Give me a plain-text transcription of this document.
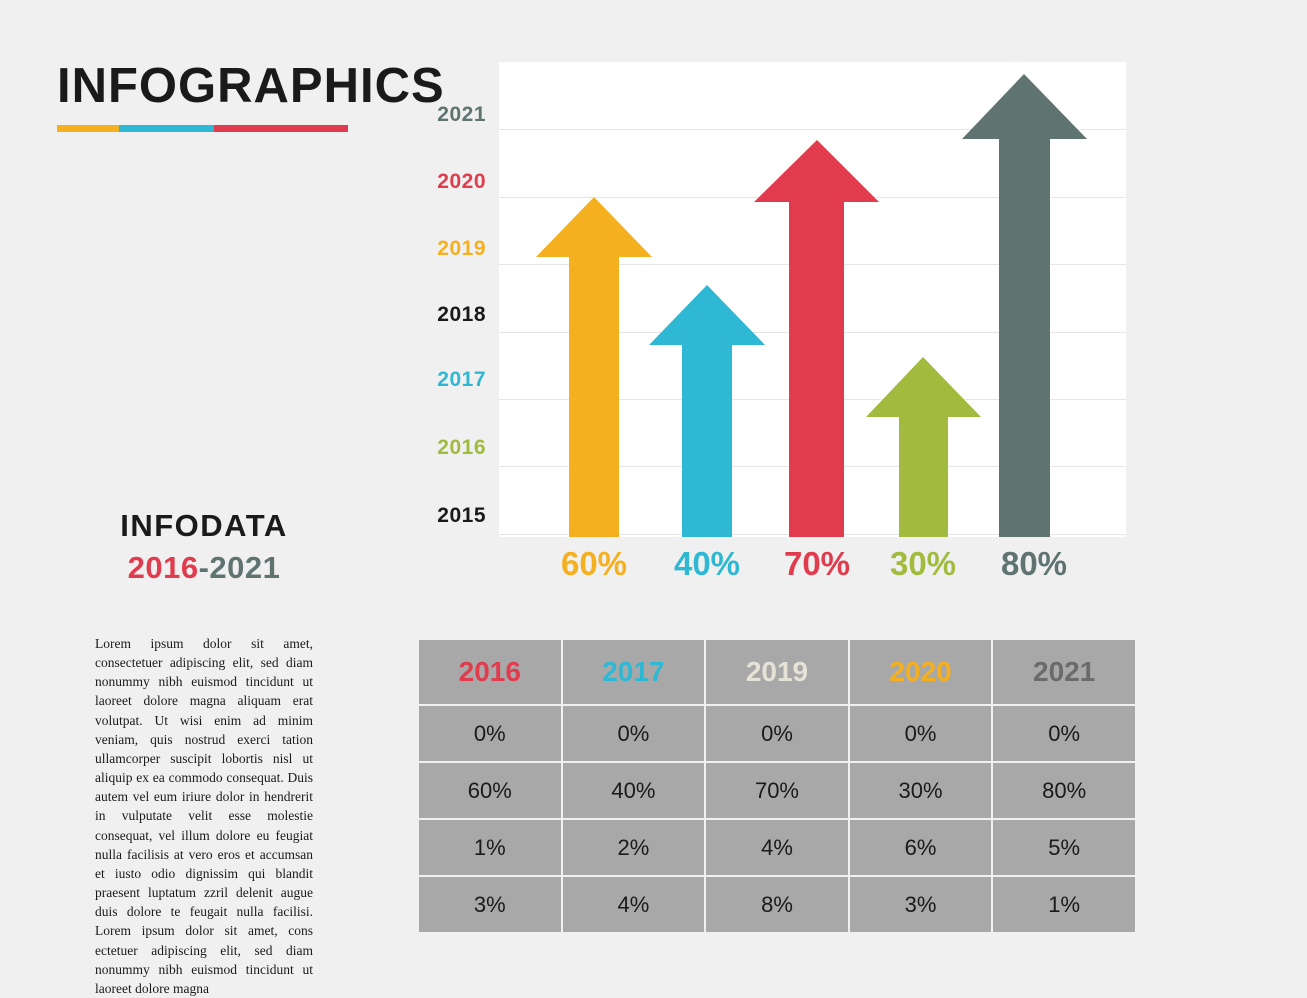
INFOGRAPHICS
INFODATA
2016-2021

Lorem ipsum dolor sit amet, consectetuer adipiscing elit, sed diam nonummy nibh euismod tincidunt ut laoreet dolore magna aliquam erat volutpat. Ut wisi enim ad minim veniam, quis nostrud exerci tation ullamcorper suscipit lobortis nisl ut aliquip ex ea commodo consequat. Duis autem vel eum iriure dolor in hendrerit in vulputate velit esse molestie consequat, vel illum dolore eu feugiat nulla facilisis at vero eros et accumsan et iusto odio dignissim qui blandit praesent luptatum zzril delenit augue duis dolore te feugait nulla facilisi. Lorem ipsum dolor sit amet, cons ectetuer adipiscing elit, sed diam nonummy nibh euismod tincidunt ut laoreet dolore magna

2021
2020
2019
2018
2017
2016
2015
60% 40% 70% 30% 80%
2016	2017	2019	2020	2021
0%	0%	0%	0%	0%
60%	40%	70%	30%	80%
1%	2%	4%	6%	5%
3%	4%	8%	3%	1%
